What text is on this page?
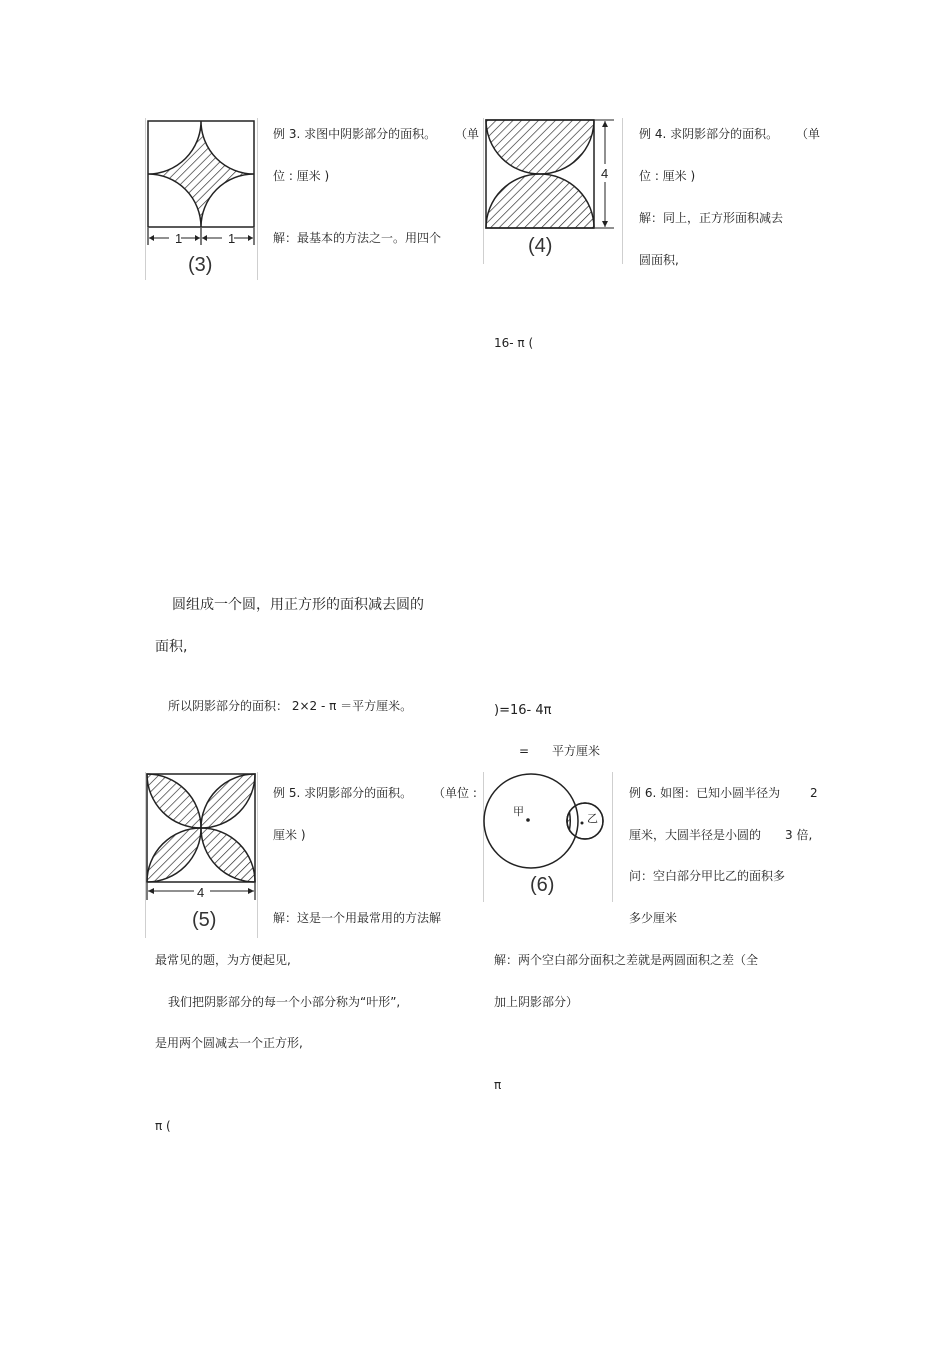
1	1
(3)
例 3. 求图中阴影部分的面积。 （单
位 : 厘米 )
解：最基本的方法之一。用四个
4
(4)
例 4. 求阴影部分的面积。 （单
位 : 厘米 )
解：同上，正方形面积减去
圆面积,
16- π (
圆组成一个圆，用正方形的面积减去圆的
面积,
所以阴影部分的面积： 2×2 - π ＝平方厘米。	)=16- 4π
= 平方厘米
4
(5)
例 5. 求阴影部分的面积。 （单位 :
厘米 )
解：这是一个用最常用的方法解
最常见的题，为方便起见,
我们把阴影部分的每一个小部分称为“叶形”,
是用两个圆减去一个正方形,
π (
甲
乙
(6)
例 6. 如图：已知小圆半径为 2
厘米，大圆半径是小圆的 3 倍,
问：空白部分甲比乙的面积多
多少厘米
解：两个空白部分面积之差就是两圆面积之差（全
加上阴影部分）
π
